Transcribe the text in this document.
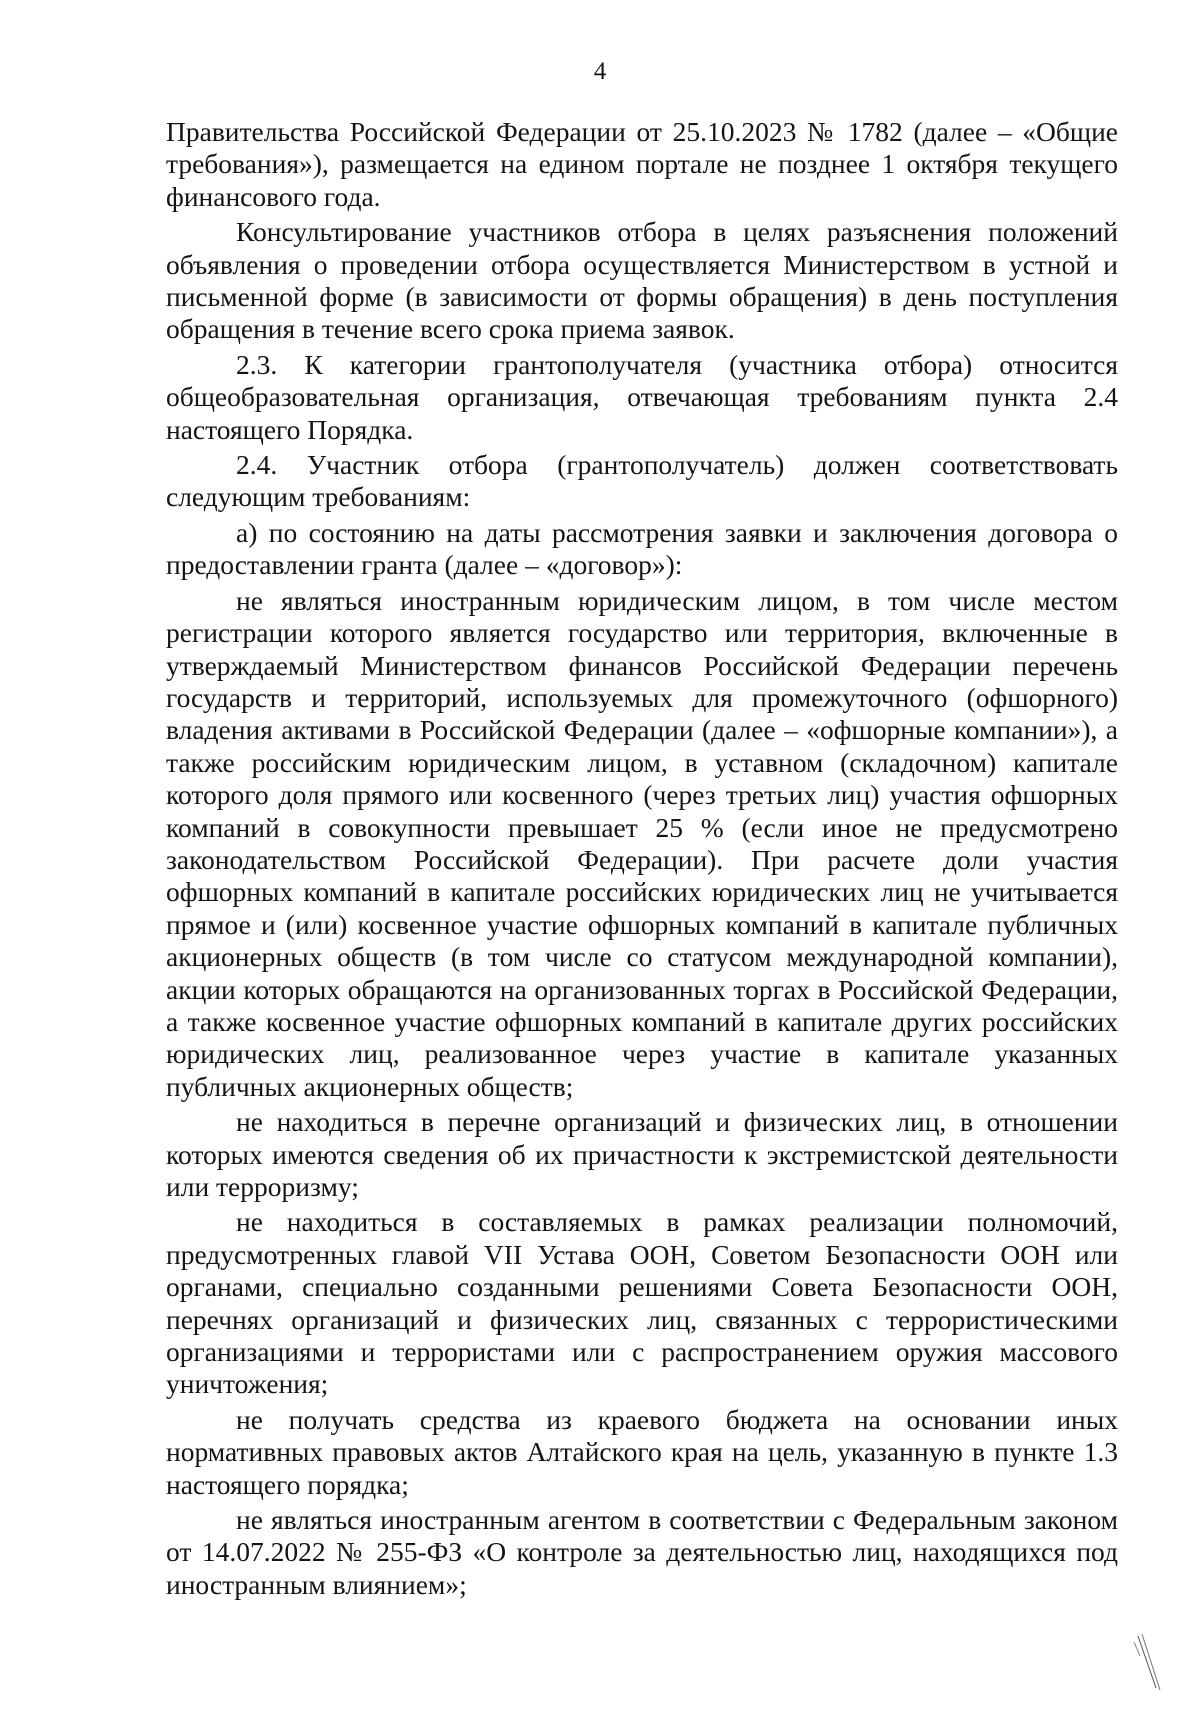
4

Правительства Российской Федерации от 25.10.2023 № 1782 (далее – «Общие требования»), размещается на едином портале не позднее 1 октября текущего финансового года.

Консультирование участников отбора в целях разъяснения положений объявления о проведении отбора осуществляется Министерством в устной и письменной форме (в зависимости от формы обращения) в день поступления обращения в течение всего срока приема заявок.

2.3. К категории грантополучателя (участника отбора) относится общеобразовательная организация, отвечающая требованиям пункта 2.4 настоящего Порядка.

2.4. Участник отбора (грантополучатель) должен соответствовать следующим требованиям:

а) по состоянию на даты рассмотрения заявки и заключения договора о предоставлении гранта (далее – «договор»):

не являться иностранным юридическим лицом, в том числе местом регистрации которого является государство или территория, включенные в утверждаемый Министерством финансов Российской Федерации перечень государств и территорий, используемых для промежуточного (офшорного) владения активами в Российской Федерации (далее – «офшорные компании»), а также российским юридическим лицом, в уставном (складочном) капитале которого доля прямого или косвенного (через третьих лиц) участия офшорных компаний в совокупности превышает 25 % (если иное не предусмотрено законодательством Российской Федерации). При расчете доли участия офшорных компаний в капитале российских юридических лиц не учитывается прямое и (или) косвенное участие офшорных компаний в капитале публичных акционерных обществ (в том числе со статусом международной компании), акции которых обращаются на организованных торгах в Российской Федерации, а также косвенное участие офшорных компаний в капитале других российских юридических лиц, реализованное через участие в капитале указанных публичных акционерных обществ;

не находиться в перечне организаций и физических лиц, в отношении которых имеются сведения об их причастности к экстремистской деятельности или терроризму;

не находиться в составляемых в рамках реализации полномочий, предусмотренных главой VII Устава ООН, Советом Безопасности ООН или органами, специально созданными решениями Совета Безопасности ООН, перечнях организаций и физических лиц, связанных с террористическими организациями и террористами или с распространением оружия массового уничтожения;

не получать средства из краевого бюджета на основании иных нормативных правовых актов Алтайского края на цель, указанную в пункте 1.3 настоящего порядка;

не являться иностранным агентом в соответствии с Федеральным законом от 14.07.2022 № 255-ФЗ «О контроле за деятельностью лиц, находящихся под иностранным влиянием»;
